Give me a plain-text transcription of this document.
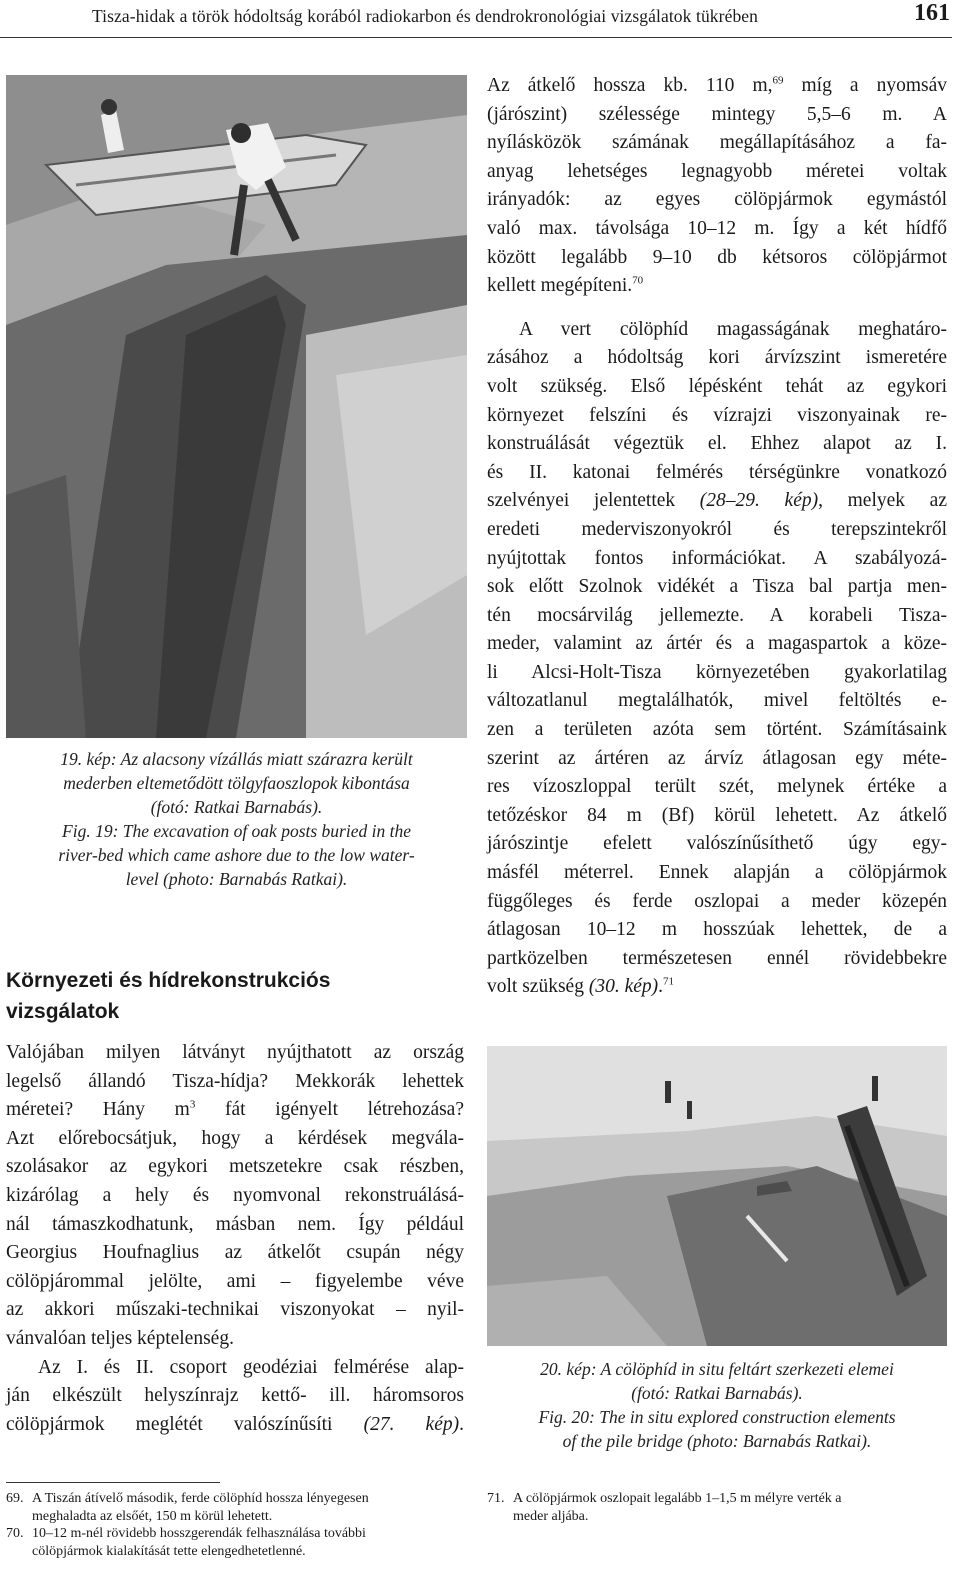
Tisza-hidak a török hódoltság korából radiokarbon és dendrokronológiai vizsgálatok tükrében	161
19. kép: Az alacsony vízállás miatt szárazra került
mederben eltemetődött tölgyfaoszlopok kibontása
(fotó: Ratkai Barnabás).
Fig. 19: The excavation of oak posts buried in the
river-bed which came ashore due to the low water-
level (photo: Barnabás Ratkai).
Környezeti és hídrekonstrukciós
vizsgálatok
Valójában milyen látványt nyújthatott az ország
legelső állandó Tisza-hídja? Mekkorák lehettek
méretei? Hány $m^3$ fát igényelt létrehozása?
Azt előrebocsátjuk, hogy a kérdések megvála-
szolásakor az egykori metszetekre csak részben,
kizárólag a hely és nyomvonal rekonstruálásá-
nál támaszkodhatunk, másban nem. Így például
Georgius Houfnaglius az átkelőt csupán négy
cölöpjárommal jelölte, ami – figyelembe véve
az akkori műszaki-technikai viszonyokat – nyil-
vánvalóan teljes képtelenség.
Az I. és II. csoport geodéziai felmérése alap-
ján elkészült helyszínrajz kettő- ill. háromsoros
cölöpjármok meglétét valószínűsíti (27. kép).
Az átkelő hossza kb. 110 m,$^{69}$ míg a nyomsáv
(járószint) szélessége mintegy 5,5–6 m. A
nyílásközök számának megállapításához a fa-
anyag lehetséges legnagyobb méretei voltak
irányadók: az egyes cölöpjármok egymástól
való max. távolsága 10–12 m. Így a két hídfő
között legalább 9–10 db kétsoros cölöpjármot
kellett megépíteni.$^{70}$
A vert cölöphíd magasságának meghatáro-
zásához a hódoltság kori árvízszint ismeretére
volt szükség. Első lépésként tehát az egykori
környezet felszíni és vízrajzi viszonyainak re-
konstruálását végeztük el. Ehhez alapot az I.
és II. katonai felmérés térségünkre vonatkozó
szelvényei jelentettek (28–29. kép), melyek az
eredeti mederviszonyokról és terepszintekről
nyújtottak fontos információkat. A szabályozá-
sok előtt Szolnok vidékét a Tisza bal partja men-
tén mocsárvilág jellemezte. A korabeli Tisza-
meder, valamint az ártér és a magaspartok a köze-
li Alcsi-Holt-Tisza környezetében gyakorlatilag
változatlanul megtalálhatók, mivel feltöltés e-
zen a területen azóta sem történt. Számításaink
szerint az ártéren az árvíz átlagosan egy méte-
res vízoszloppal terült szét, melynek értéke a
tetőzéskor 84 m (Bf) körül lehetett. Az átkelő
járószintje efelett valószínűsíthető úgy egy-
másfél méterrel. Ennek alapján a cölöpjármok
függőleges és ferde oszlopai a meder közepén
átlagosan 10–12 m hosszúak lehettek, de a
partközelben természetesen ennél rövidebbekre
volt szükség (30. kép).$^{71}$
20. kép: A cölöphíd in situ feltárt szerkezeti elemei
(fotó: Ratkai Barnabás).
Fig. 20: The in situ explored construction elements
of the pile bridge (photo: Barnabás Ratkai).
69. A Tiszán átívelő második, ferde cölöphíd hossza lényegesen
meghaladta az elsőét, 150 m körül lehetett.
70. 10–12 m-nél rövidebb hosszgerendák felhasználása további
cölöpjármok kialakítását tette elengedhetetlenné.
71. A cölöpjármok oszlopait legalább 1–1,5 m mélyre verték a
meder aljába.
